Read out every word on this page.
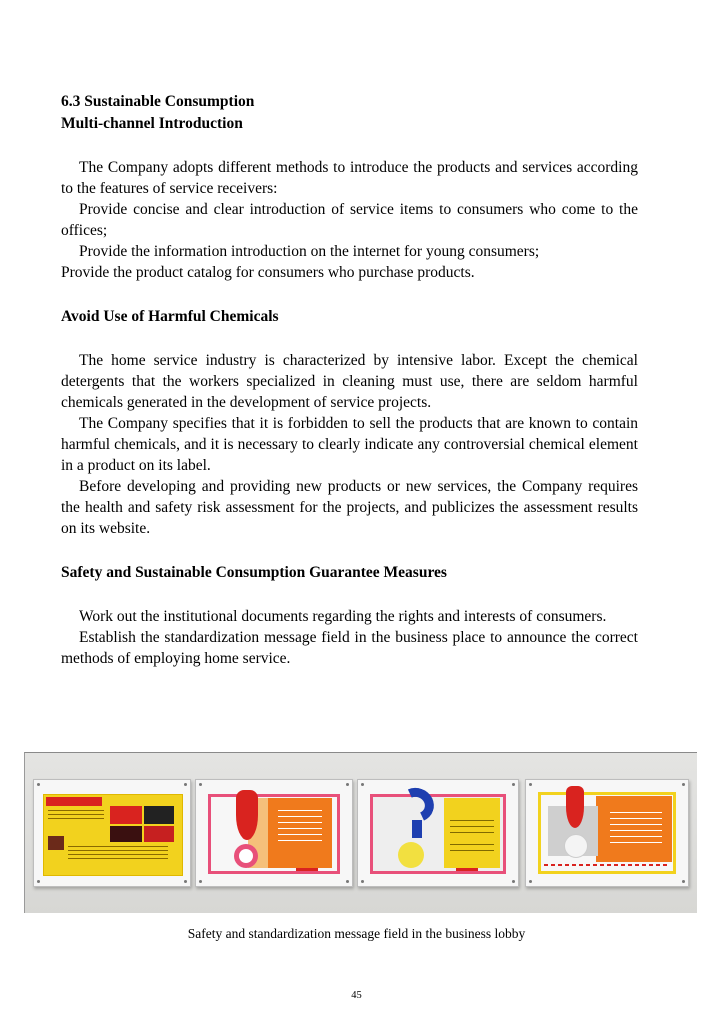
6.3 Sustainable Consumption

Multi-channel Introduction

The Company adopts different methods to introduce the products and services according to the features of service receivers:

Provide concise and clear introduction of service items to consumers who come to the offices;

Provide the information introduction on the internet for young consumers;

Provide the product catalog for consumers who purchase products.

Avoid Use of Harmful Chemicals

The home service industry is characterized by intensive labor. Except the chemical detergents that the workers specialized in cleaning must use, there are seldom harmful chemicals generated in the development of service projects.

The Company specifies that it is forbidden to sell the products that are known to contain harmful chemicals, and it is necessary to clearly indicate any controversial chemical element in a product on its label.

Before developing and providing new products or new services, the Company requires the health and safety risk assessment for the projects, and publicizes the assessment results on its website.

Safety and Sustainable Consumption Guarantee Measures

Work out the institutional documents regarding the rights and interests of consumers.

Establish the standardization message field in the business place to announce the correct methods of employing home service.

Safety and standardization message field in the business lobby
45
